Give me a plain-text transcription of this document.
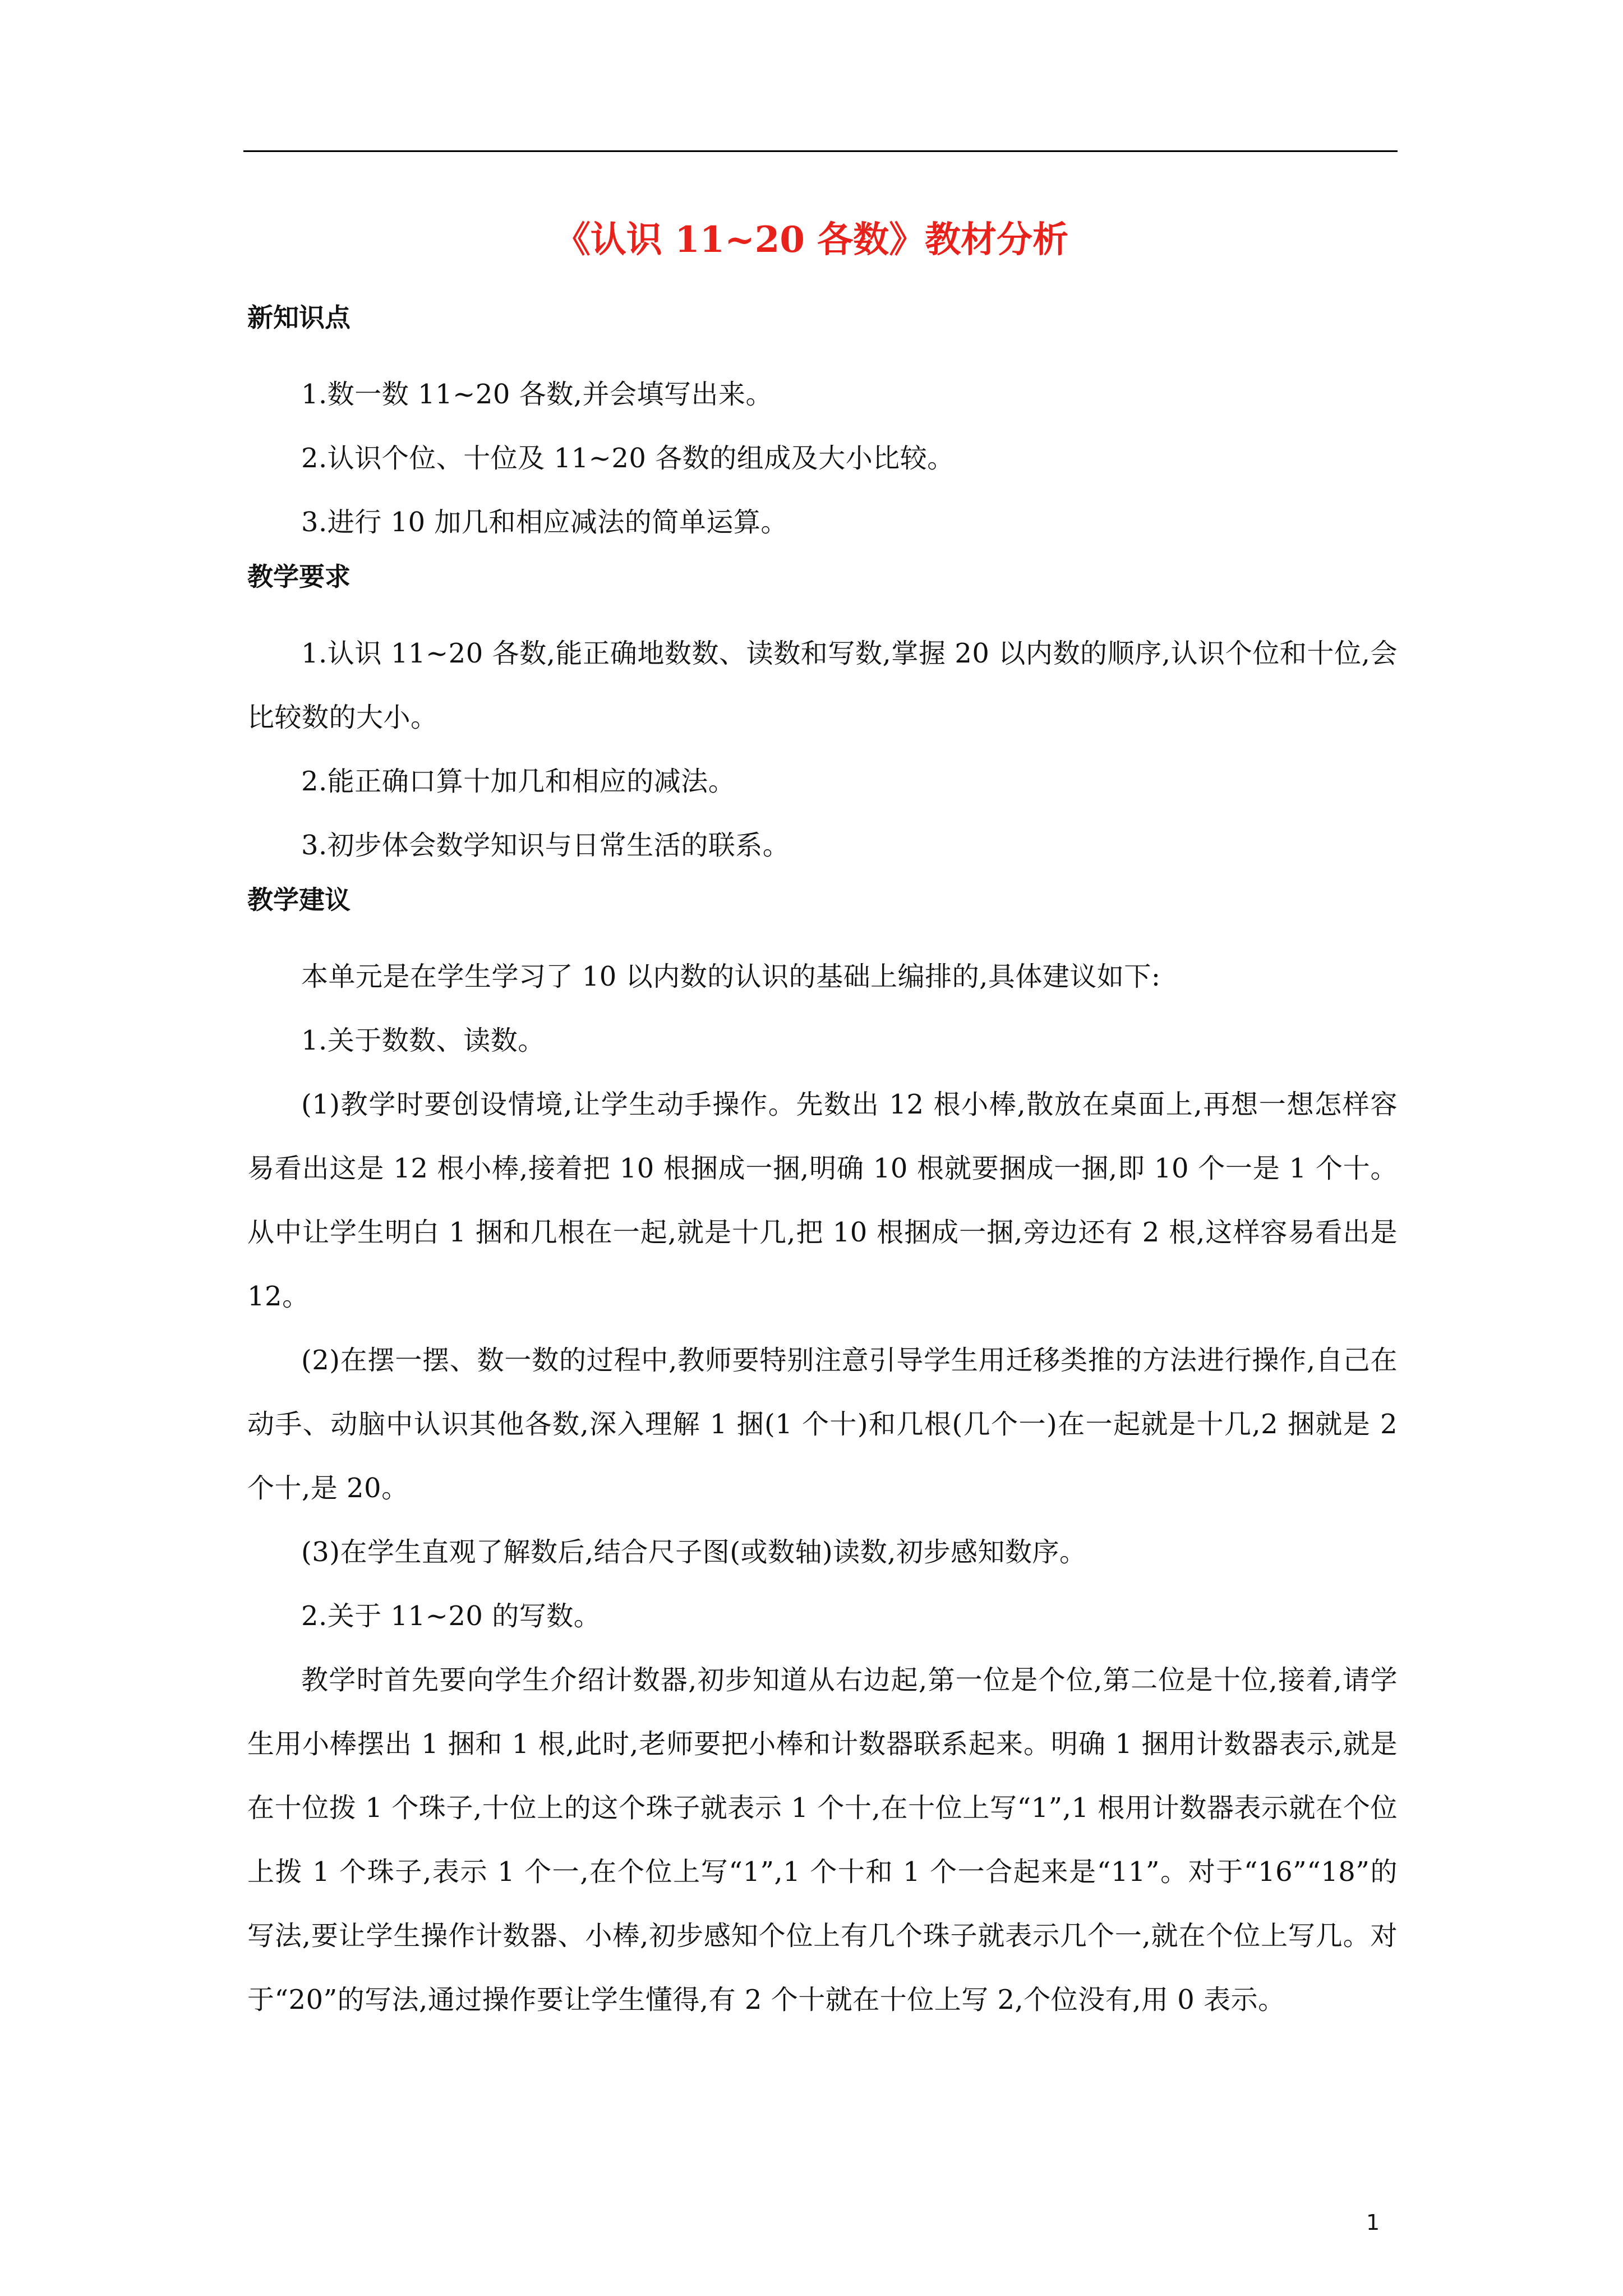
《认识 11~20 各数》教材分析

新知识点

1.数一数 11~20 各数,并会填写出来。

2.认识个位、十位及 11~20 各数的组成及大小比较。

3.进行 10 加几和相应减法的简单运算。

教学要求

1.认识 11~20 各数,能正确地数数、读数和写数,掌握 20 以内数的顺序,认识个位和十位,会比较数的大小。

2.能正确口算十加几和相应的减法。

3.初步体会数学知识与日常生活的联系。

教学建议

本单元是在学生学习了 10 以内数的认识的基础上编排的,具体建议如下:

1.关于数数、读数。

(1)教学时要创设情境,让学生动手操作。先数出 12 根小棒,散放在桌面上,再想一想怎样容易看出这是 12 根小棒,接着把 10 根捆成一捆,明确 10 根就要捆成一捆,即 10 个一是 1 个十。从中让学生明白 1 捆和几根在一起,就是十几,把 10 根捆成一捆,旁边还有 2 根,这样容易看出是 12。

(2)在摆一摆、数一数的过程中,教师要特别注意引导学生用迁移类推的方法进行操作,自己在动手、动脑中认识其他各数,深入理解 1 捆(1 个十)和几根(几个一)在一起就是十几,2 捆就是 2 个十,是 20。

(3)在学生直观了解数后,结合尺子图(或数轴)读数,初步感知数序。

2.关于 11~20 的写数。

教学时首先要向学生介绍计数器,初步知道从右边起,第一位是个位,第二位是十位,接着,请学生用小棒摆出 1 捆和 1 根,此时,老师要把小棒和计数器联系起来。明确 1 捆用计数器表示,就是在十位拨 1 个珠子,十位上的这个珠子就表示 1 个十,在十位上写“1”,1 根用计数器表示就在个位上拨 1 个珠子,表示 1 个一,在个位上写“1”,1 个十和 1 个一合起来是“11”。对于“16”“18”的写法,要让学生操作计数器、小棒,初步感知个位上有几个珠子就表示几个一,就在个位上写几。对于“20”的写法,通过操作要让学生懂得,有 2 个十就在十位上写 2,个位没有,用 0 表示。

1
